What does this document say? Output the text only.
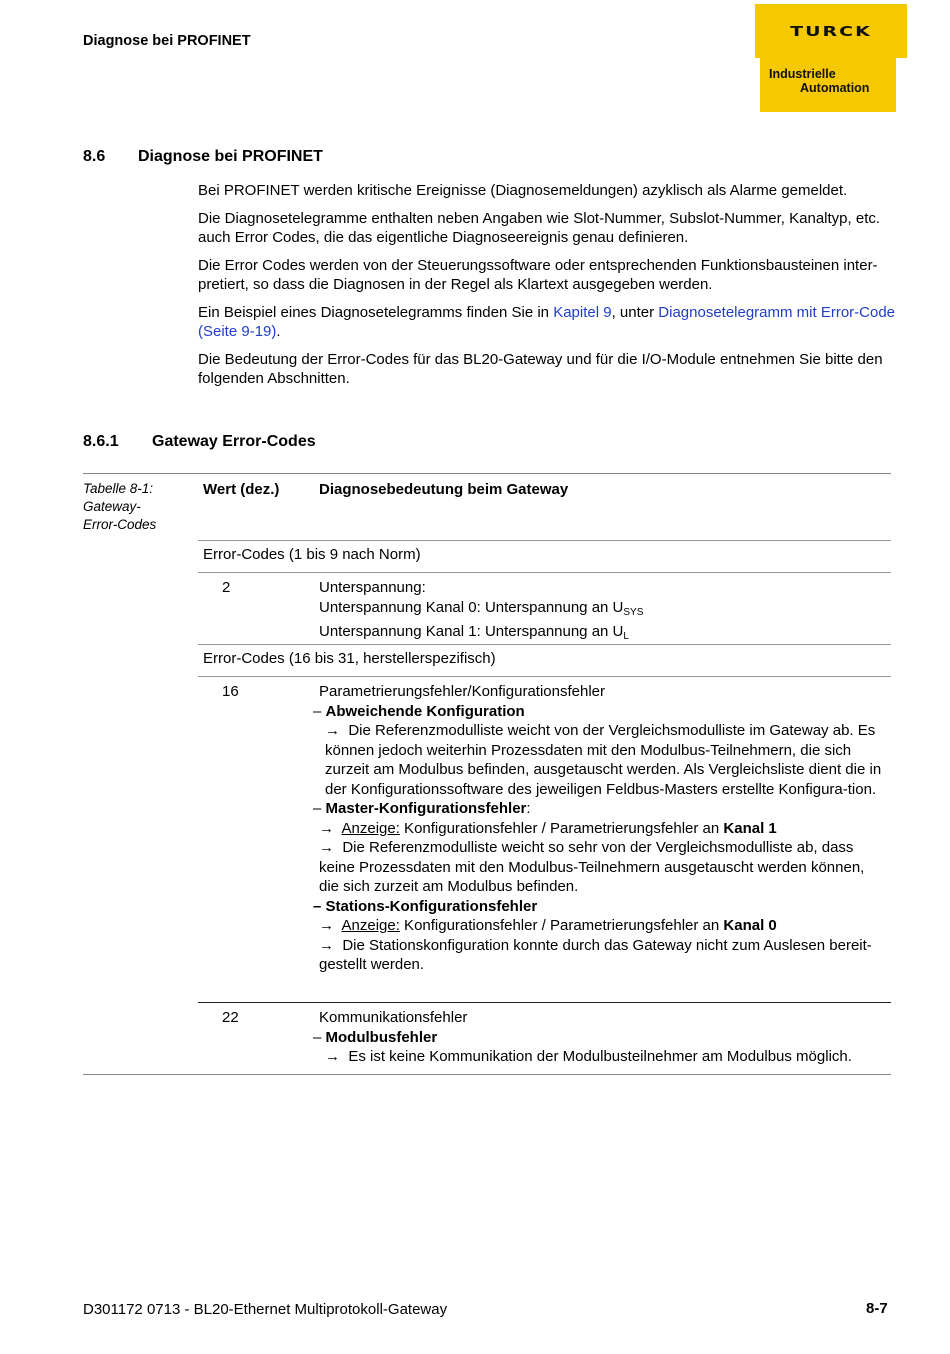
Diagnose bei PROFINET
TURCK
Industrielle
Automation
8.6 Diagnose bei PROFINET

Bei PROFINET werden kritische Ereignisse (Diagnosemeldungen) azyklisch als Alarme gemeldet.

Die Diagnosetelegramme enthalten neben Angaben wie Slot-Nummer, Subslot-Nummer, Kanaltyp, etc. auch Error Codes, die das eigentliche Diagnoseereignis genau definieren.

Die Error Codes werden von der Steuerungssoftware oder entsprechenden Funktionsbausteinen inter-pretiert, so dass die Diagnosen in der Regel als Klartext ausgegeben werden.

Ein Beispiel eines Diagnosetelegramms finden Sie in Kapitel 9, unter Diagnosetelegramm mit Error-Code (Seite 9-19).

Die Bedeutung der Error-Codes für das BL20-Gateway und für die I/O-Module entnehmen Sie bitte den folgenden Abschnitten.

8.6.1 Gateway Error-Codes
Tabelle 8-1:
Gateway-
Error-Codes
Wert (dez.)	Diagnosebedeutung beim Gateway
Error-Codes (1 bis 9 nach Norm)
2	Unterspannung:
Unterspannung Kanal 0: Unterspannung an $U_{SYS}$
Unterspannung Kanal 1: Unterspannung an $U_L$
Error-Codes (16 bis 31, herstellerspezifisch)
16	Parametrierungsfehler/Konfigurationsfehler
– Abweichende Konfiguration
→  Die Referenzmodulliste weicht von der Vergleichsmodulliste im Gateway ab. Es können jedoch weiterhin Prozessdaten mit den Modulbus-Teilnehmern, die sich zurzeit am Modulbus befinden, ausgetauscht werden. Als Vergleichsliste dient die in der Konfigurationssoftware des jeweiligen Feldbus-Masters erstellte Konfigura-tion.
– Master-Konfigurationsfehler:
→  Anzeige: Konfigurationsfehler / Parametrierungsfehler an Kanal 1
→  Die Referenzmodulliste weicht so sehr von der Vergleichsmodulliste ab, dass keine Prozessdaten mit den Modulbus-Teilnehmern ausgetauscht werden können, die sich zurzeit am Modulbus befinden.
– Stations-Konfigurationsfehler
→  Anzeige: Konfigurationsfehler / Parametrierungsfehler an Kanal 0
→  Die Stationskonfiguration konnte durch das Gateway nicht zum Auslesen bereit-gestellt werden.
22	Kommunikationsfehler
– Modulbusfehler
→  Es ist keine Kommunikation der Modulbusteilnehmer am Modulbus möglich.
D301172 0713 - BL20-Ethernet Multiprotokoll-Gateway	8-7
